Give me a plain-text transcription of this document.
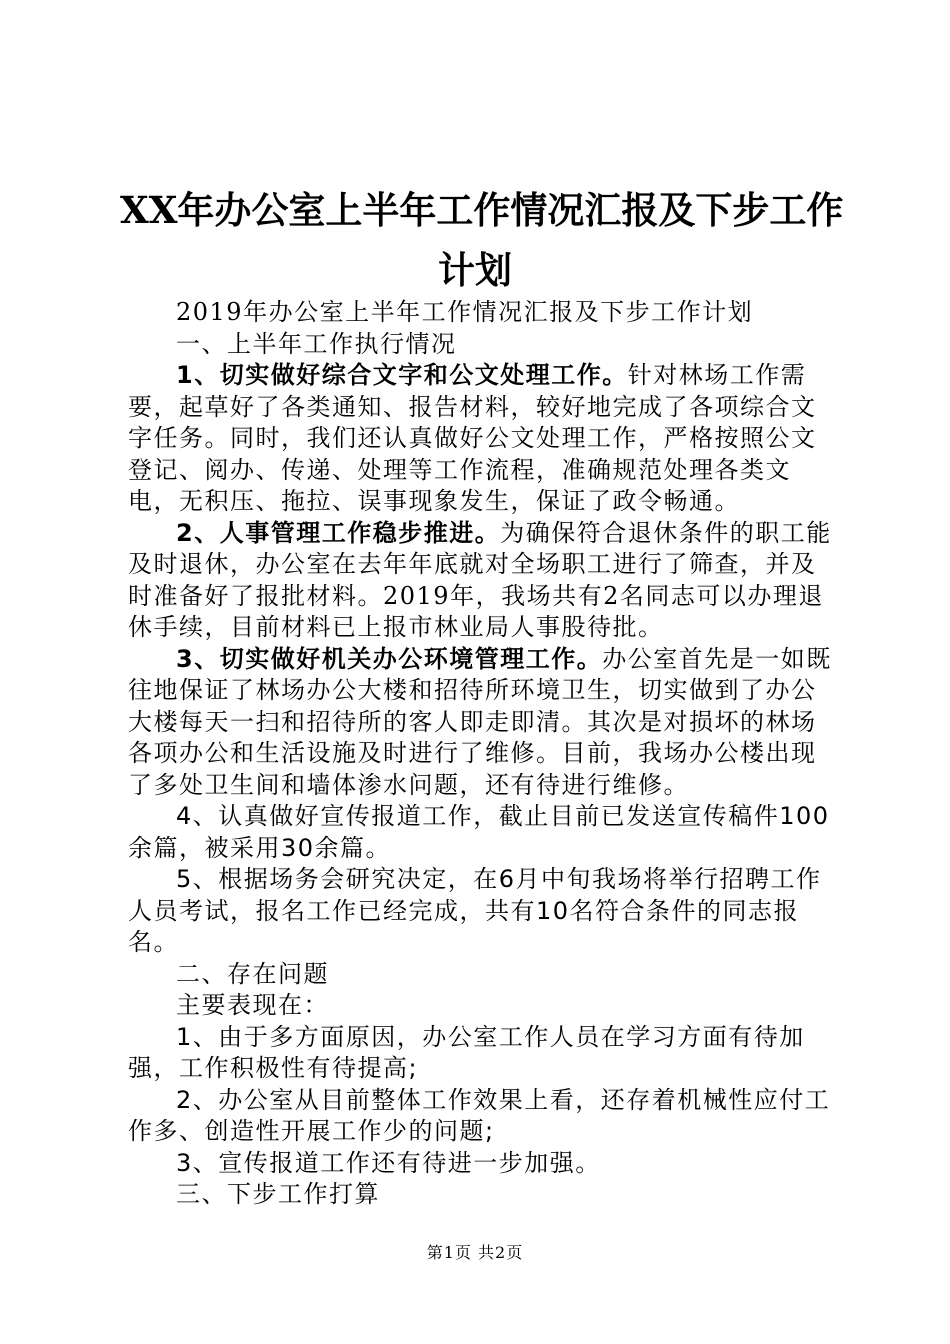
XX年办公室上半年工作情况汇报及下步工作
计划

2019年办公室上半年工作情况汇报及下步工作计划

一、上半年工作执行情况

1、切实做好综合文字和公文处理工作。针对林场工作需要，起草好了各类通知、报告材料，较好地完成了各项综合文字任务。同时，我们还认真做好公文处理工作，严格按照公文登记、阅办、传递、处理等工作流程，准确规范处理各类文电，无积压、拖拉、误事现象发生，保证了政令畅通。

2、人事管理工作稳步推进。为确保符合退休条件的职工能及时退休，办公室在去年年底就对全场职工进行了筛查，并及时准备好了报批材料。2019年，我场共有2名同志可以办理退休手续，目前材料已上报市林业局人事股待批。

3、切实做好机关办公环境管理工作。办公室首先是一如既往地保证了林场办公大楼和招待所环境卫生，切实做到了办公大楼每天一扫和招待所的客人即走即清。其次是对损坏的林场各项办公和生活设施及时进行了维修。目前，我场办公楼出现了多处卫生间和墙体渗水问题，还有待进行维修。

4、认真做好宣传报道工作，截止目前已发送宣传稿件100余篇，被采用30余篇。

5、根据场务会研究决定，在6月中旬我场将举行招聘工作人员考试，报名工作已经完成，共有10名符合条件的同志报名。

二、存在问题

主要表现在：

1、由于多方面原因，办公室工作人员在学习方面有待加强，工作积极性有待提高;

2、办公室从目前整体工作效果上看，还存着机械性应付工作多、创造性开展工作少的问题;

3、宣传报道工作还有待进一步加强。

三、下步工作打算

第1页 共2页
